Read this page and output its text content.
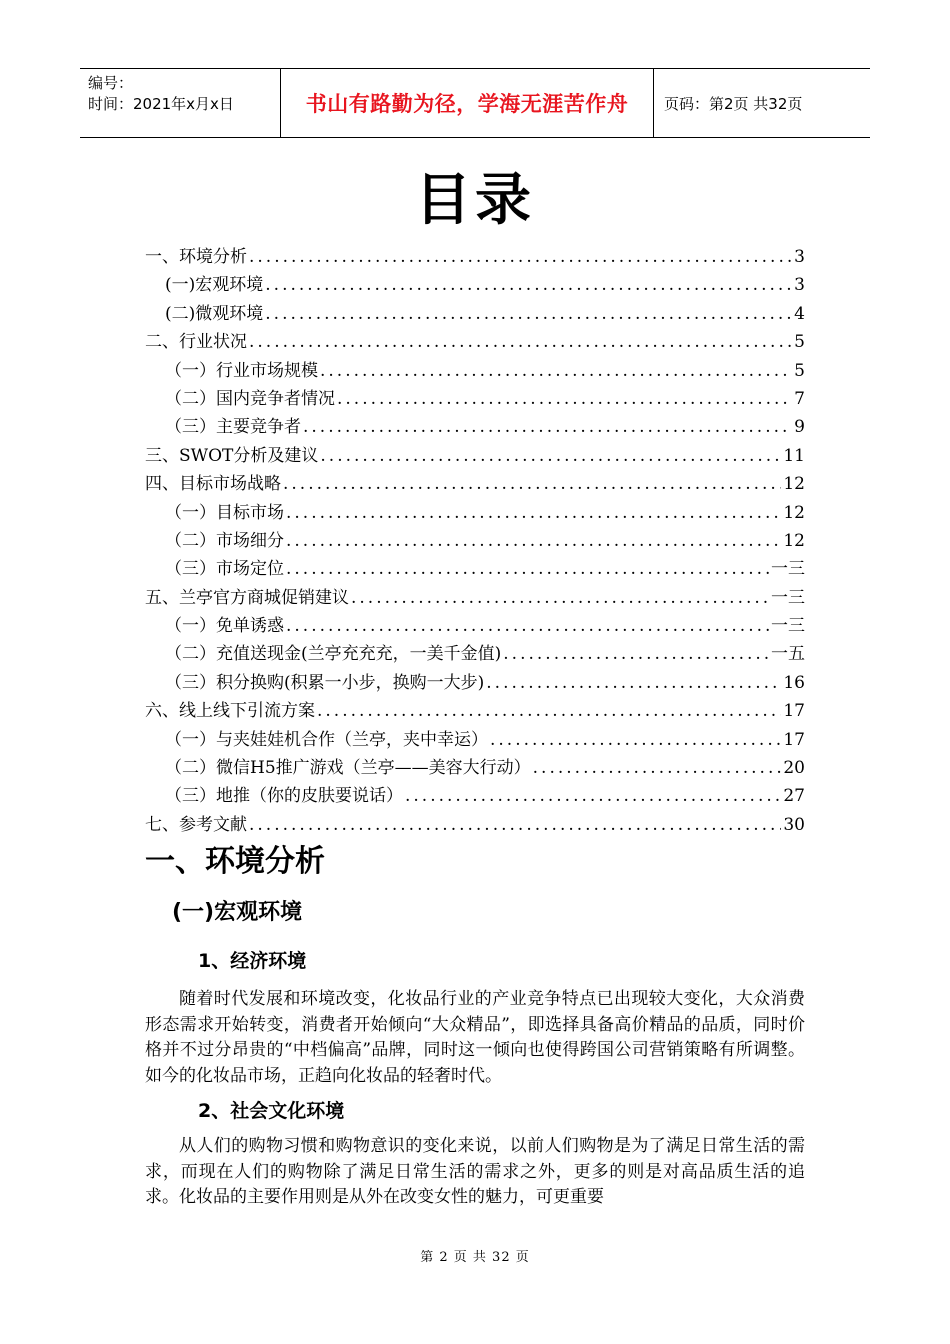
编号：
时间：2021年x月x日	书山有路勤为径，学海无涯苦作舟	页码：第2页 共32页
目录
一、环境分析 .....	3
(一)宏观环境 .....	3
(二)微观环境 .....	4
二、行业状况 .....	5
（一）行业市场规模 .....	5
（二）国内竞争者情况 .....	7
（三）主要竞争者 .....	9
三、SWOT分析及建议 .....	11
四、目标市场战略 .....	12
（一）目标市场 .....	12
（二）市场细分 .....	12
（三）市场定位 .....	一三
五、兰亭官方商城促销建议 .....	一三
（一）免单诱惑 .....	一三
（二）充值送现金(兰亭充充充，一美千金值) .....	一五
（三）积分换购(积累一小步，换购一大步) .....	16
六、线上线下引流方案 .....	17
（一）与夹娃娃机合作（兰亭，夹中幸运） .....	17
（二）微信H5推广游戏（兰亭——美容大行动） .....	20
（三）地推（你的皮肤要说话） .....	27
七、参考文献 .....	30
一、环境分析
(一)宏观环境
1、经济环境
随着时代发展和环境改变，化妆品行业的产业竞争特点已出现较大变化，大众消费形态需求开始转变，消费者开始倾向“大众精品”，即选择具备高价精品的品质，同时价格并不过分昂贵的“中档偏高”品牌，同时这一倾向也使得跨国公司营销策略有所调整。如今的化妆品市场，正趋向化妆品的轻奢时代。
2、社会文化环境
从人们的购物习惯和购物意识的变化来说，以前人们购物是为了满足日常生活的需求，而现在人们的购物除了满足日常生活的需求之外，更多的则是对高品质生活的追求。化妆品的主要作用则是从外在改变女性的魅力，可更重要
第 2 页 共 32 页
